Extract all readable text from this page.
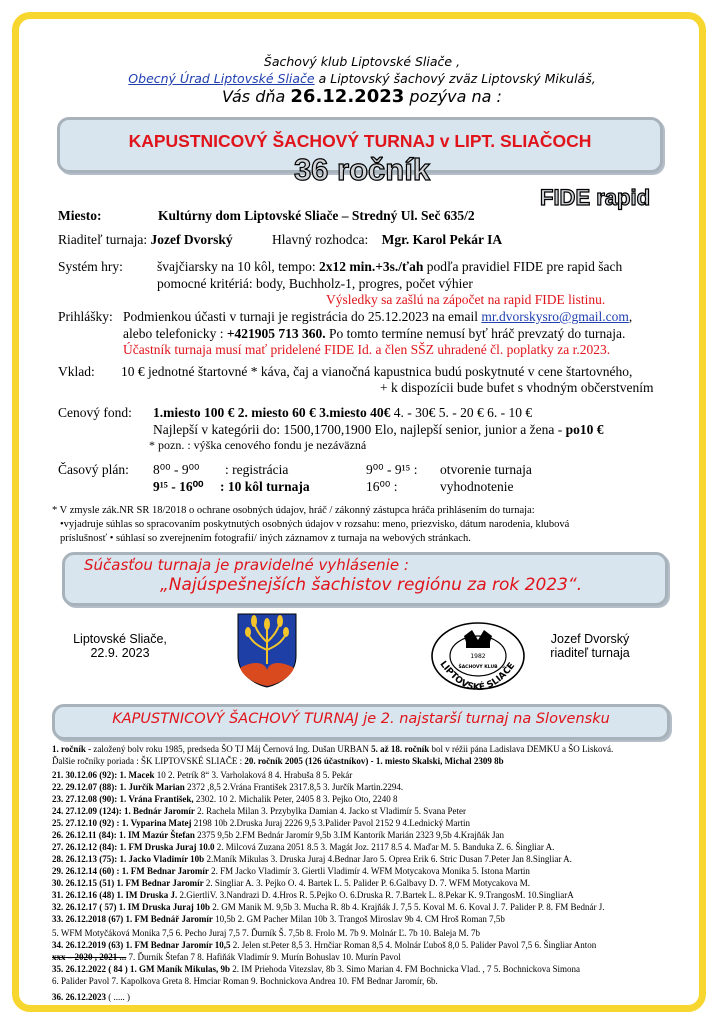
Šachový klub Liptovské Sliače ,
Obecný Úrad Liptovské Sliače a Liptovský šachový zväz Liptovský Mikuláš,
Vás dňa 26.12.2023 pozýva na :
KAPUSTNICOVÝ ŠACHOVÝ TURNAJ v LIPT. SLIAČOCH
36 ročník
FIDE rapid
Miesto:	Kultúrny dom Liptovské Sliače – Stredný Ul. Seč 635/2
Riaditeľ turnaja: Jozef Dvorský	Hlavný rozhodca: Mgr. Karol Pekár IA
Systém hry:	švajčiarsky na 10 kôl, tempo: 2x12 min.+3s./ťah podľa pravidiel FIDE pre rapid šach
pomocné kritériá: body, Buchholz-1, progres, počet výhier
Výsledky sa zašlú na zápočet na rapid FIDE listinu.
Prihlášky: Podmienkou účasti v turnaji je registrácia do 25.12.2023 na email mr.dvorskysro@gmail.com,
alebo telefonicky : +421905 713 360. Po tomto termíne nemusí byť hráč prevzatý do turnaja.
Účastník turnaja musí mať pridelené FIDE Id. a člen SŠZ uhradené čl. poplatky za r.2023.
Vklad: 10 € jednotné štartovné * káva, čaj a vianočná kapustnica budú poskytnuté v cene štartovného,
+ k dispozícii bude bufet s vhodným občerstvením
Cenový fond: 1.miesto 100 € 2. miesto 60 € 3.miesto 40€ 4. - 30€ 5. - 20 € 6. - 10 €
Najlepší v kategórii do: 1500,1700,1900 Elo, najlepší senior, junior a žena - po10 €
* pozn. : výška cenového fondu je nezáväzná
Časový plán: 8⁰⁰ - 9⁰⁰ : registrácia	9⁰⁰ - 9¹⁵ : otvorenie turnaja
9¹⁵ - 16⁰⁰ : 10 kôl turnaja	16⁰⁰ :	vyhodnotenie
* V zmysle zák.NR SR 18/2018 o ochrane osobných údajov, hráč / zákonný zástupca hráča prihlásením do turnaja:
•vyjadruje súhlas so spracovaním poskytnutých osobných údajov v rozsahu: meno, priezvisko, dátum narodenia, klubová
príslušnosť • súhlasí so zverejnením fotografií/ iných záznamov z turnaja na webových stránkach.
Súčasťou turnaja je pravidelné vyhlásenie :
„Najúspešnejších šachistov regiónu za rok 2023“.
Liptovské Sliače,
22.9. 2023	1982
ŠACHOVÝ KLUB
LIPTOVSKÉ SLIAČE
Jozef Dvorský
riaditeľ turnaja
KAPUSTNICOVÝ ŠACHOVÝ TURNAJ je 2. najstarší turnaj na Slovensku
1. ročník - založený bolv roku 1985, predseda ŠO TJ Máj Černová Ing. Dušan URBAN 5. až 18. ročník bol v réžii pána Ladislava DEMKU a ŠO Lisková.
Ďalšie ročníky poriada : ŠK LIPTOVSKÉ SLIAČE : 20. ročník 2005 (126 účastníkov) - 1. miesto Skalski, Michal 2309 8b
21. 30.12.06 (92): 1. Macek 10 2. Petrík 8“ 3. Varholaková 8 4. Hrabuša 8 5. Pekár
22. 29.12.07 (88): 1. Jurčík Marian 2372 ,8,5 2.Vrána František 2317.8,5 3. Jurčík Martin.2294.
23. 27.12.08 (90): 1. Vrána František, 2302. 10 2. Michalik Peter, 2405 8 3. Pejko Oto, 2240 8
24. 27.12.09 (124): 1. Bednár Jaromír 2. Rachela Milan 3. Przybylka Damian 4. Jacko st Vladimír 5. Svana Peter
25. 27.12.10 (92) : 1. Vyparina Matej 2198 10b 2.Druska Juraj 2226 9,5 3.Palider Pavol 2152 9 4.Lednický Martin
26. 26.12.11 (84): 1. IM Mazúr Štefan 2375 9,5b 2.FM Bednár Jaromír 9,5b 3.IM Kantorík Marián 2323 9,5b 4.Krajňák Jan
27. 26.12.12 (84): 1. FM Druska Juraj 10.0 2. Milcová Zuzana 2051 8.5 3. Magát Joz. 2117 8.5 4. Maďar M. 5. Banduka Z. 6. Šingliar A.
28. 26.12.13 (75): 1. Jacko Vladimír 10b 2.Maník Mikulas 3. Druska Juraj 4.Bednar Jaro 5. Oprea Erik 6. Stric Dusan 7.Peter Jan 8.Singliar A.
29. 26.12.14 (60) : 1. FM Bednar Jaromír 2. FM Jacko Vladimír 3. Giertli Vladimír 4. WFM Motycakova Monika 5. Istona Martin
30. 26.12.15 (51) 1. FM Bednar Jaromír 2. Singliar A. 3. Pejko O. 4. Bartek L. 5. Palider P. 6.Galbavy D. 7. WFM Motycakova M.
31. 26.12.16 (48) 1. IM Druska J. 2.GiertliV. 3.Nandrazi D. 4.Hros R. 5.Pejko O. 6.Druska R. 7.Bartek L. 8.Pekar K. 9.TrangosM. 10.SingliarA
32. 26.12.17 ( 57) 1. IM Druska Juraj 10b 2. GM Manik M. 9,5b 3. Mucha R. 8b 4. Krajňák J. 7,5 5. Koval M. 6. Koval J. 7. Palider P. 8. FM Bednár J.
33. 26.12.2018 (67) 1. FM Bednář Jaromír 10,5b 2. GM Pacher Milan 10b 3. Trangoš Miroslav 9b 4. CM Hroš Roman 7,5b
5. WFM Motyčáková Monika 7,5 6. Pecho Juraj 7,5 7. Ďurník Š. 7,5b 8. Frolo M. 7b 9. Molnár Ľ. 7b 10. Baleja M. 7b
34. 26.12.2019 (63) 1. FM Bednar Jaromír 10,5 2. Jelen st.Peter 8,5 3. Hrnčiar Roman 8,5 4. Molnár Ľuboš 8,0 5. Palider Pavol 7,5 6. Šingliar Anton
xxx – 2020 , 2021 ... 7. Ďurník Štefan 7 8. Hafiňák Vladimír 9. Murín Bohuslav 10. Murín Pavol
35. 26.12.2022 ( 84 ) 1. GM Maník Mikulas, 9b 2. IM Priehoda Vitezslav, 8b 3. Simo Marian 4. FM Bochnicka Vlad. , 7 5. Bochnickova Simona
6. Palider Pavol 7. Kapolkova Greta 8. Hmciar Roman 9. Bochnickova Andrea 10. FM Bednar Jaromír, 6b.
36. 26.12.2023 ( ..... )
